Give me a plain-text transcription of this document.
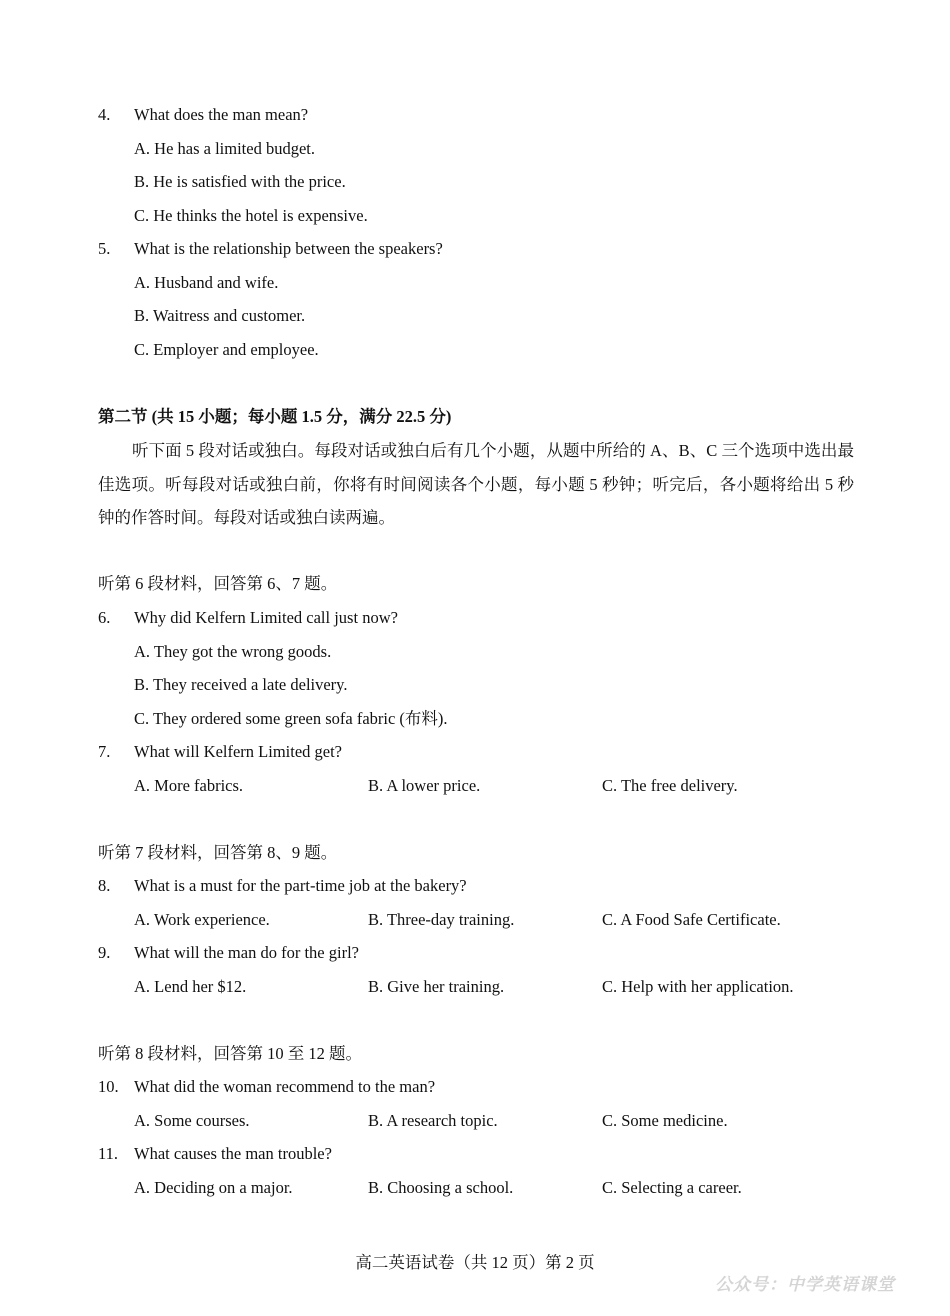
4. What does the man mean?
A. He has a limited budget.
B. He is satisfied with the price.
C. He thinks the hotel is expensive.
5. What is the relationship between the speakers?
A. Husband and wife.
B. Waitress and customer.
C. Employer and employee.
第二节 (共 15 小题；每小题 1.5 分，满分 22.5 分)
听下面 5 段对话或独白。每段对话或独白后有几个小题，从题中所给的 A、B、C 三个选项中选出最佳选项。听每段对话或独白前，你将有时间阅读各个小题，每小题 5 秒钟；听完后，各小题将给出 5 秒钟的作答时间。每段对话或独白读两遍。
听第 6 段材料，回答第 6、7 题。
6. Why did Kelfern Limited call just now?
A. They got the wrong goods.
B. They received a late delivery.
C. They ordered some green sofa fabric (布料).
7. What will Kelfern Limited get?
A. More fabrics.	B. A lower price.	C. The free delivery.
听第 7 段材料，回答第 8、9 题。
8. What is a must for the part-time job at the bakery?
A. Work experience.	B. Three-day training.	C. A Food Safe Certificate.
9. What will the man do for the girl?
A. Lend her $12.	B. Give her training.	C. Help with her application.
听第 8 段材料，回答第 10 至 12 题。
10. What did the woman recommend to the man?
A. Some courses.	B. A research topic.	C. Some medicine.
11. What causes the man trouble?
A. Deciding on a major.	B. Choosing a school.	C. Selecting a career.
高二英语试卷（共 12 页）第 2 页
公众号：中学英语课堂
